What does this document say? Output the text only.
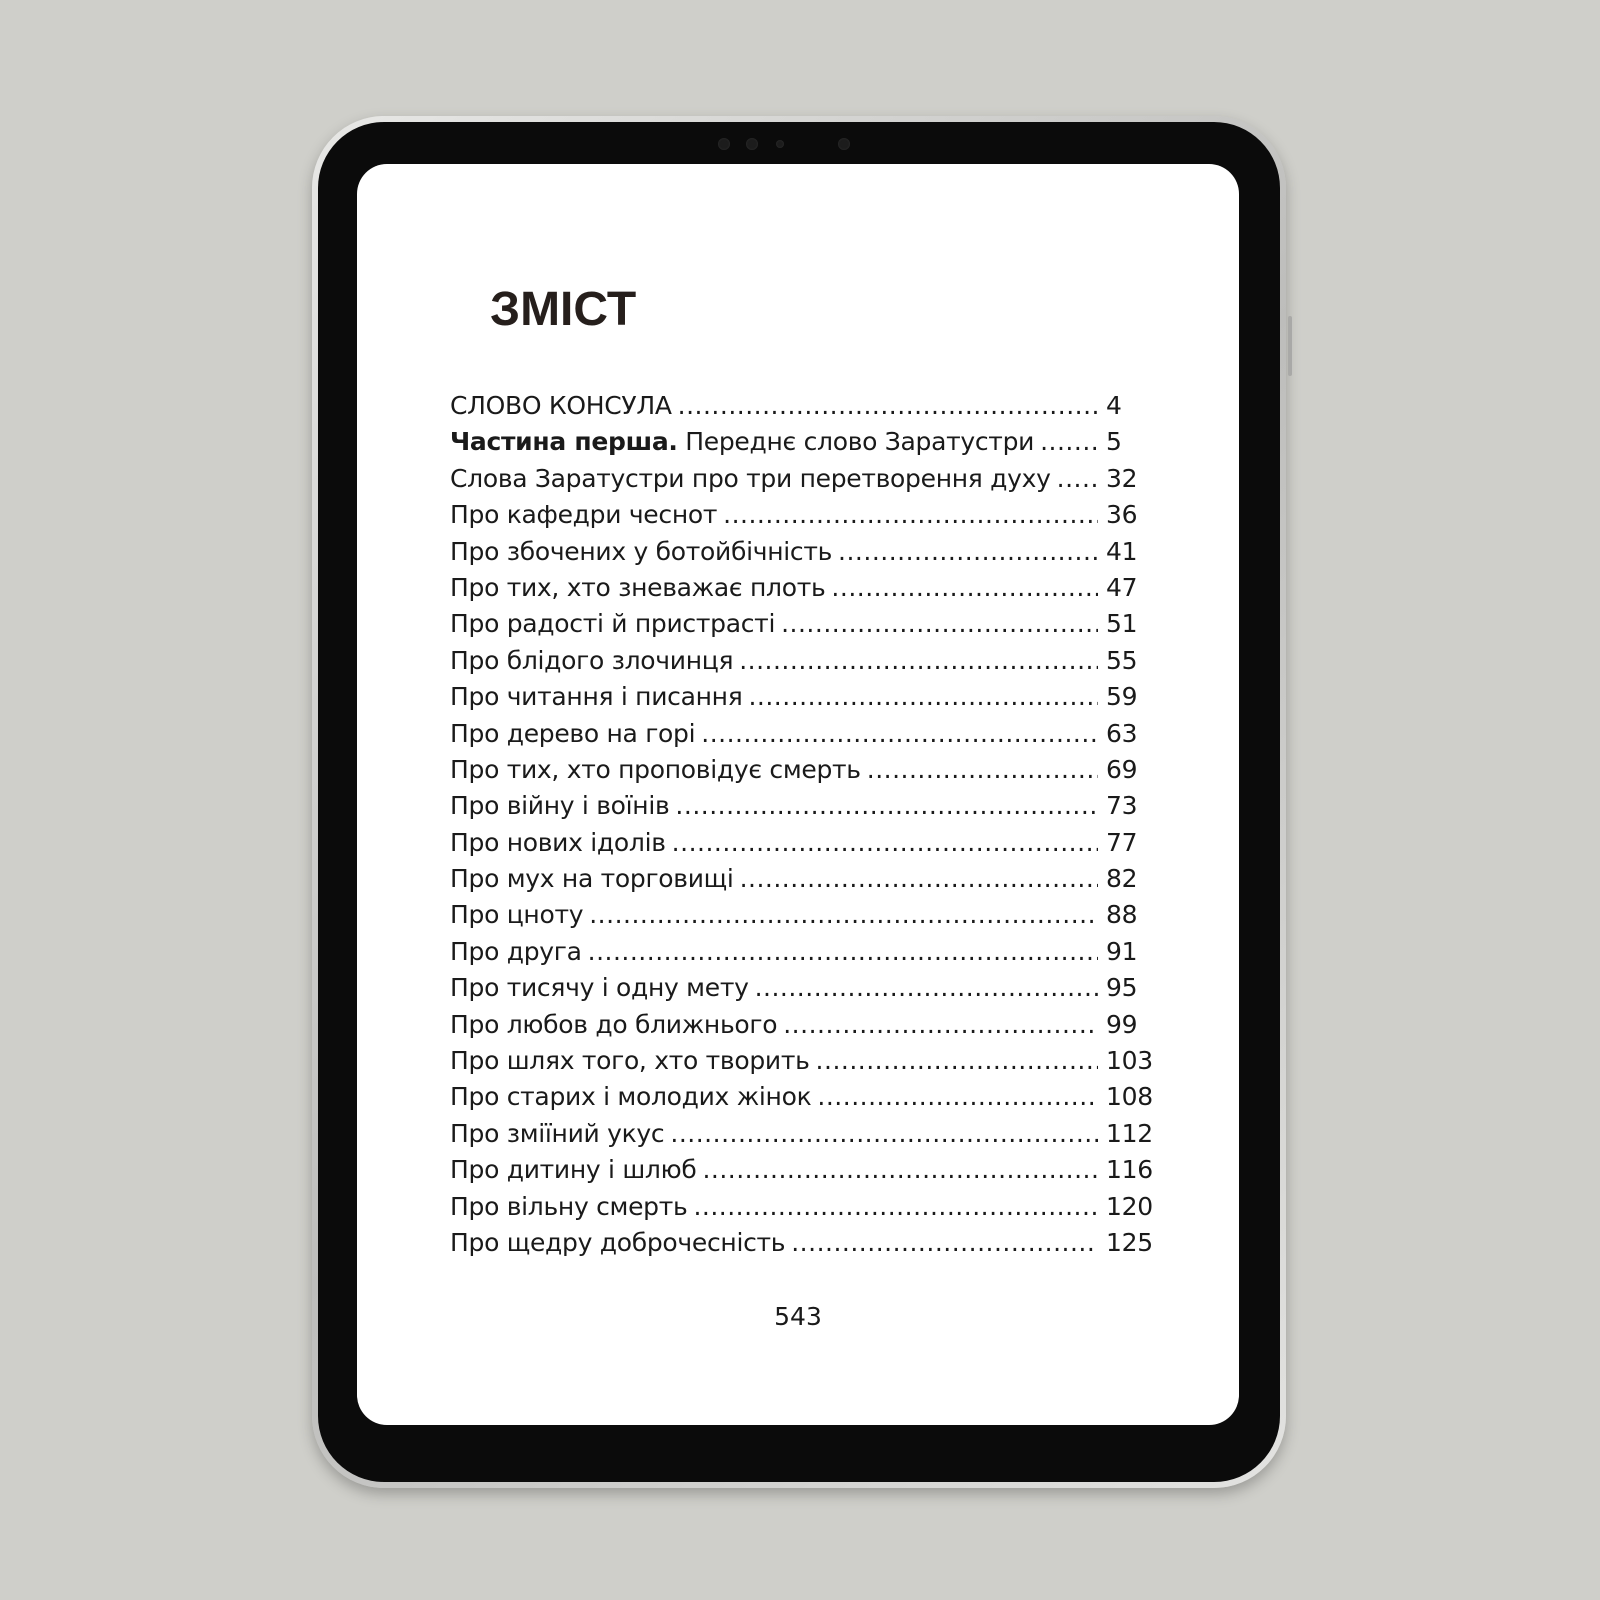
ЗМІСТ
СЛОВО КОНСУЛА .....	4
Частина перша. Переднє слово Заратустри .....	5
Слова Заратустри про три перетворення духу ..... 32
Про кафедри чеснот .....	36
Про збочених у ботойбічність .....	41
Про тих, хто зневажає плоть .....	47
Про радості й пристрасті .....	51
Про блідого злочинця .....	55
Про читання і писання .....	59
Про дерево на горі .....	63
Про тих, хто проповідує смерть .....	69
Про війну і воїнів .....	73
Про нових ідолів .....	77
Про мух на торговищі .....	82
Про цноту .....	88
Про друга .....	91
Про тисячу і одну мету .....	95
Про любов до ближнього .....	99
Про шлях того, хто творить .....	103
Про старих і молодих жінок .....	108
Про зміїний укус .....	112
Про дитину і шлюб .....	116
Про вільну смерть .....	120
Про щедру доброчесність .....	125
543
